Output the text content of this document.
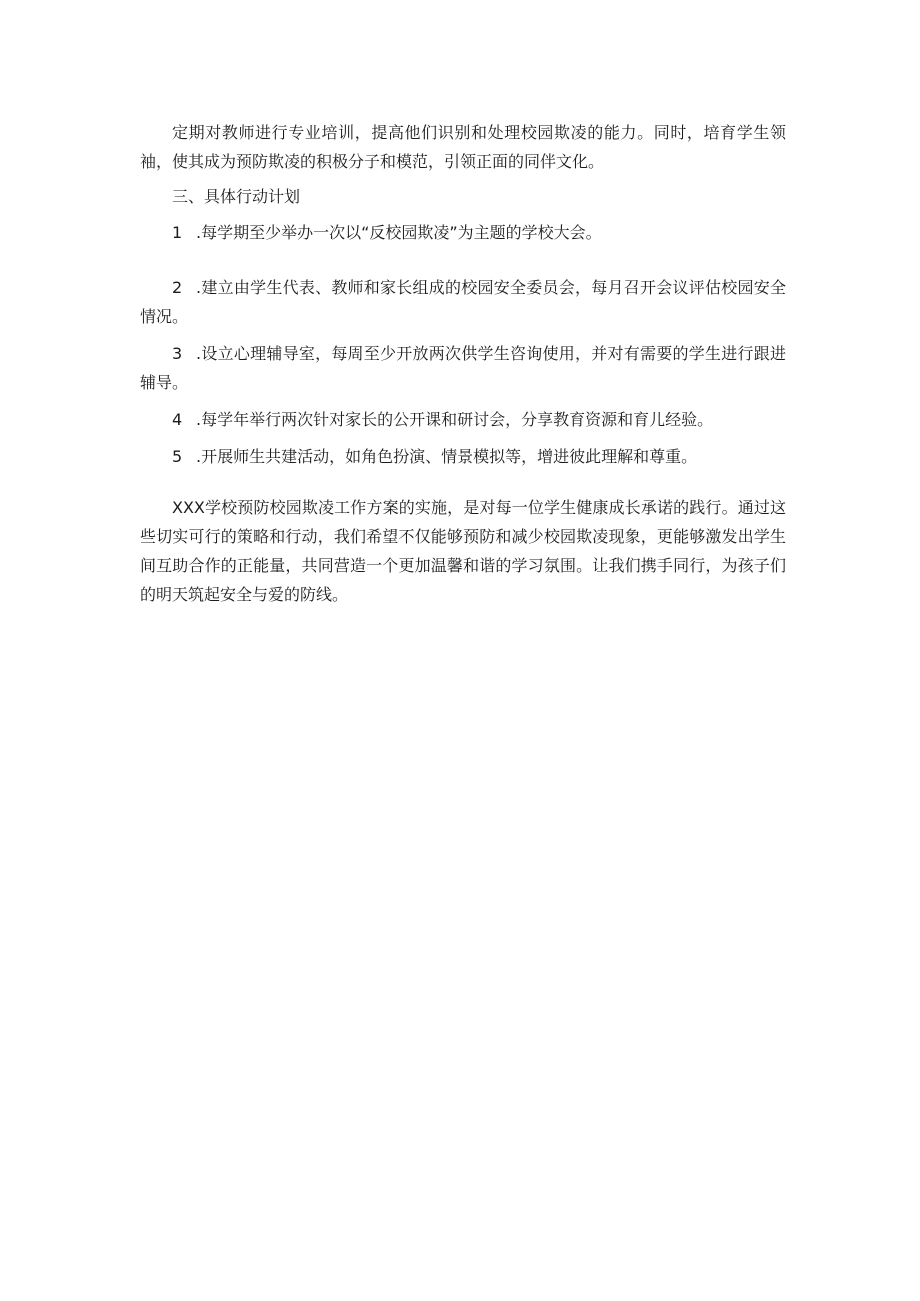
定期对教师进行专业培训，提高他们识别和处理校园欺凌的能力。同时，培育学生领袖，使其成为预防欺凌的积极分子和模范，引领正面的同伴文化。

三、具体行动计划

1 .每学期至少举办一次以“反校园欺凌”为主题的学校大会。

2 .建立由学生代表、教师和家长组成的校园安全委员会，每月召开会议评估校园安全情况。

3 .设立心理辅导室，每周至少开放两次供学生咨询使用，并对有需要的学生进行跟进辅导。

4 .每学年举行两次针对家长的公开课和研讨会，分享教育资源和育儿经验。

5 .开展师生共建活动，如角色扮演、情景模拟等，增进彼此理解和尊重。

XXX学校预防校园欺凌工作方案的实施，是对每一位学生健康成长承诺的践行。通过这些切实可行的策略和行动，我们希望不仅能够预防和减少校园欺凌现象，更能够激发出学生间互助合作的正能量，共同营造一个更加温馨和谐的学习氛围。让我们携手同行，为孩子们的明天筑起安全与爱的防线。
